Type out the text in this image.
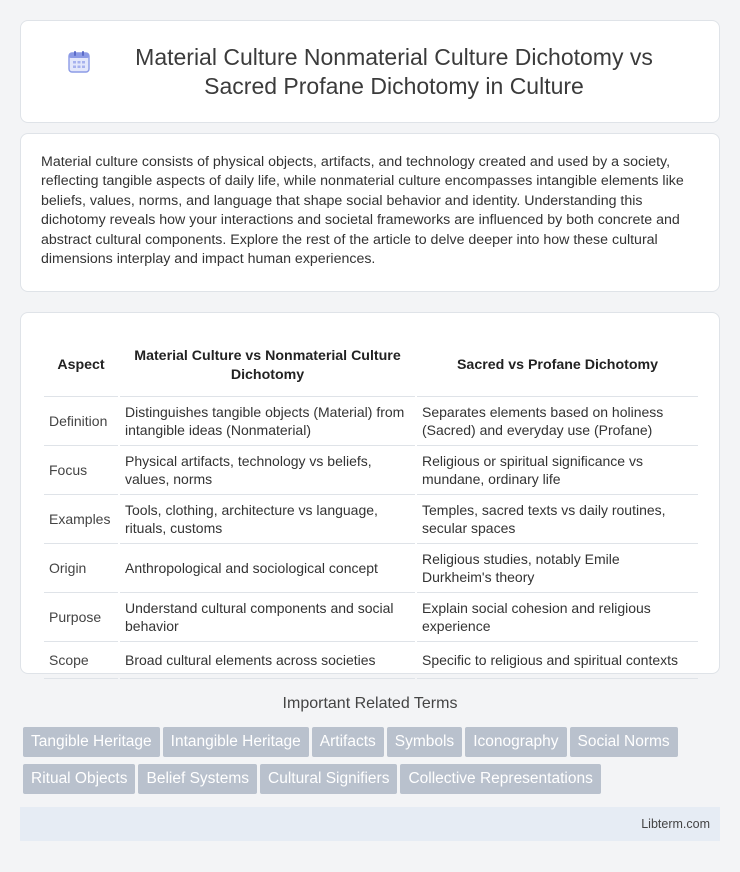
Material Culture Nonmaterial Culture Dichotomy vs Sacred Profane Dichotomy in Culture

Material culture consists of physical objects, artifacts, and technology created and used by a society, reflecting tangible aspects of daily life, while nonmaterial culture encompasses intangible elements like beliefs, values, norms, and language that shape social behavior and identity. Understanding this dichotomy reveals how your interactions and societal frameworks are influenced by both concrete and abstract cultural components. Explore the rest of the article to delve deeper into how these cultural dimensions interplay and impact human experiences.

Aspect	Material Culture vs Nonmaterial Culture Dichotomy	Sacred vs Profane Dichotomy
Definition	Distinguishes tangible objects (Material) from intangible ideas (Nonmaterial)	Separates elements based on holiness (Sacred) and everyday use (Profane)
Focus	Physical artifacts, technology vs beliefs, values, norms	Religious or spiritual significance vs mundane, ordinary life
Examples	Tools, clothing, architecture vs language, rituals, customs	Temples, sacred texts vs daily routines, secular spaces
Origin	Anthropological and sociological concept	Religious studies, notably Emile Durkheim's theory
Purpose	Understand cultural components and social behavior	Explain social cohesion and religious experience
Scope	Broad cultural elements across societies	Specific to religious and spiritual contexts
Important Related Terms
Tangible Heritage Intangible Heritage Artifacts Symbols Iconography Social Norms
Ritual Objects Belief Systems Cultural Signifiers Collective Representations
Libterm.com
